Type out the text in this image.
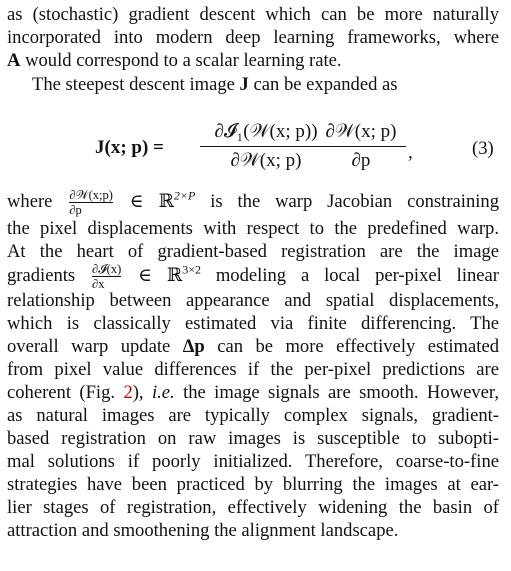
as (stochastic) gradient descent which can be more naturally
incorporated into modern deep learning frameworks, where
A would correspond to a scalar learning rate.
The steepest descent image J can be expanded as
J(x; p) =
∂𝓘₁(𝒲(x; p))
∂𝒲(x; p)
∂𝒲(x; p)
∂p	,	(3)
where ∂𝒲(x;p)
∂p	∈ ℝ$^{2\times P}$ is the warp Jacobian constraining
the pixel displacements with respect to the predefined warp.
At the heart of gradient-based registration are the image
gradients ∂𝓘(x)
∂x	∈ ℝ$^{3\times 2}$ modeling a local per-pixel linear
relationship between appearance and spatial displacements,
which is classically estimated via finite differencing. The
overall warp update Δp can be more effectively estimated
from pixel value differences if the per-pixel predictions are
coherent (Fig. 2), i.e. the image signals are smooth. However,
as natural images are typically complex signals, gradient-
based registration on raw images is susceptible to subopti-
mal solutions if poorly initialized. Therefore, coarse-to-fine
strategies have been practiced by blurring the images at ear-
lier stages of registration, effectively widening the basin of
attraction and smoothening the alignment landscape.
